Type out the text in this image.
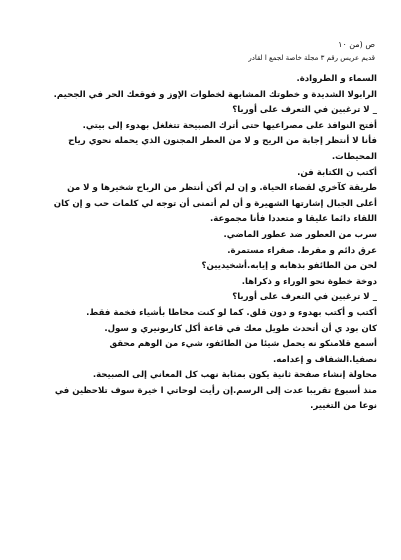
ص (من ١٠
قديم عريس رقم ٣ مجلة خاصة لجمع ا لقادر

السماء و الطروادة.

الرابولا الشديدة و خطوتك المشابهة لخطوات الإوز و فوقعك الحر في الجحيم.

_ لا ترغبين في التعرف على أوربا؟

أفتح النوافذ على مصراعيها حتى أترك الصبيحة تتغلغل بهدوء إلى بيتي.

فأنا لا أنتظر إجابة من الريح و لا من العطر المجنون الذي يحمله نحوي رياح

المحيطات.

أكتب ن الكتابة فن.

طريقة كآخري لقضاء الحياة. و إن لم أكن أنتظر من الرياح شخيرها و لا من

أعلى الجبال إشارتها الشهيرة و أن لم أتمنى أن توجه لي كلمات حب و إن كان

اللقاء دائما عليقا و متعددا فأنا مجموعة.

سرب من العطور ضد عطور الماضي.

عرق دائم و مفرط. صفراء مستمرة.

لحن من الطائفو بذهابه و إيابه.أشخيديين؟

دوخة خطوة نحو الوراء و ذكراها.

_ لا ترغبين في التعرف على أوربا؟

أكتب و أكتب بهدوء و دون قلق. كما لو كنت محاطا بأشياء فخمة فقط.

كان بود ي أن أتحدث طويل معك في قاعة أكل كاربونيري و سول.

أسمع قلامنكو نه يحمل شيئا من الطائفو، شيء من الوهم محقق

نصفيا.الشفاف و إعدامه.

محاولة إنشاء صفحة ثانية يكون بمثابة نهب كل المعاني إلى الصبيحة.

منذ أسبوع تقريبا عدت إلى الرسم.إن رأيت لوحاتي ا خيرة سوف تلاحظين في

نوعا من التغيير.
